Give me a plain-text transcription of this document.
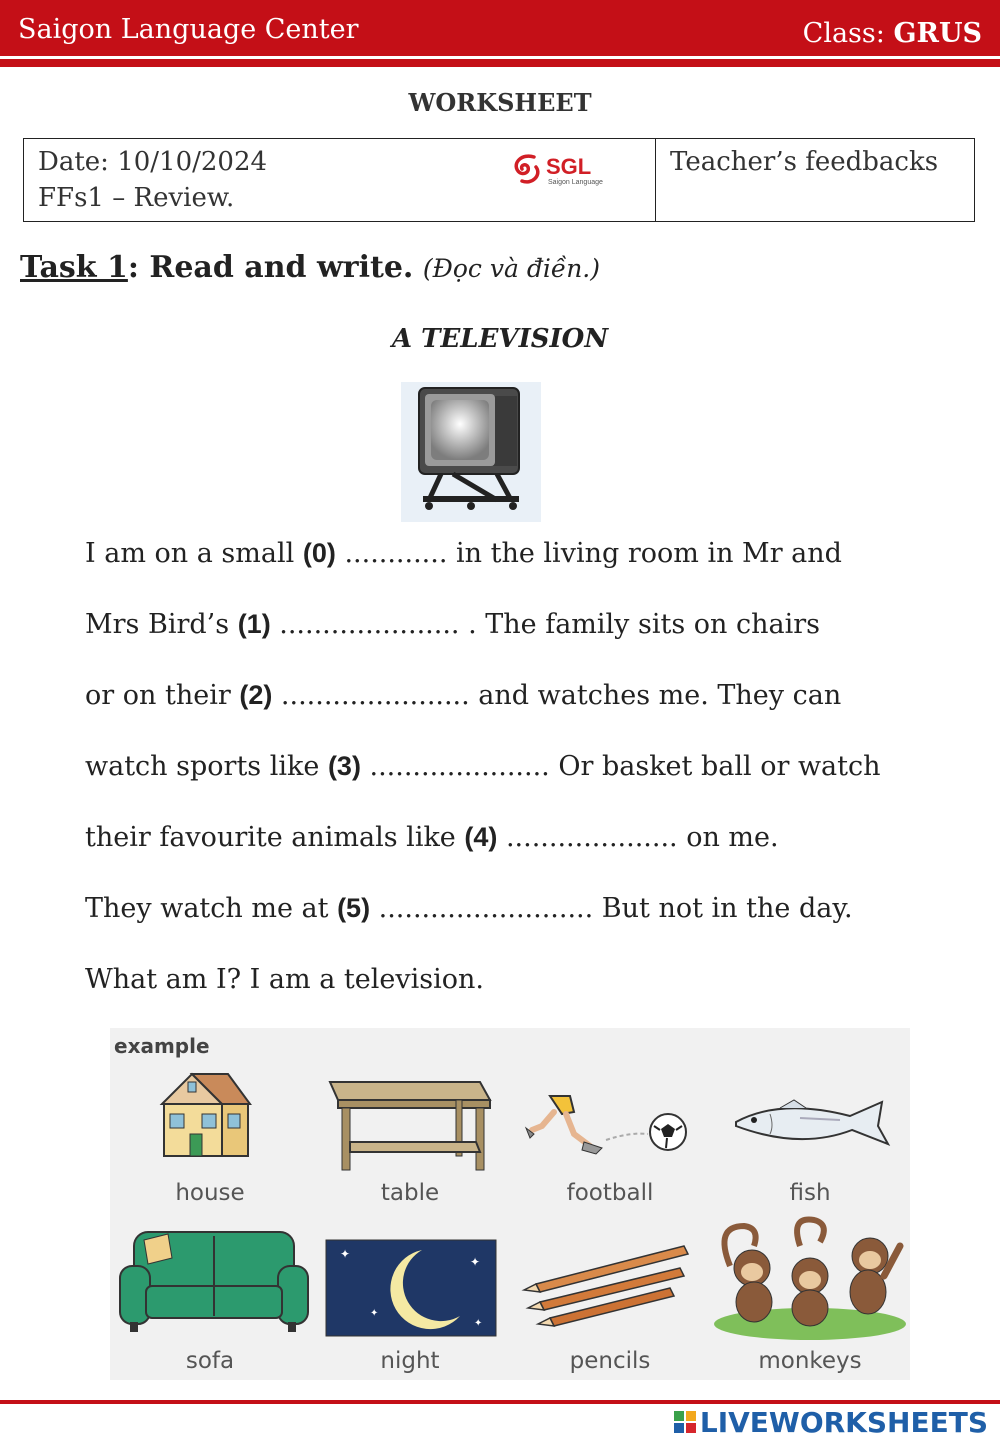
Saigon Language Center	Class: GRUS
WORKSHEET
Date: 10/10/2024
FFs1 – Review.
SGL
Saigon Language
Teacher’s feedbacks
Task 1: Read and write. (Đọc và điền.)
A TELEVISION
I am on a small (0) ............ in the living room in Mr and
Mrs Bird’s (1) ..................... . The family sits on chairs
or on their (2) ...................... and watches me. They can
watch sports like (3) ..................... Or basket ball or watch
their favourite animals like (4) .................... on me.
They watch me at (5) ......................... But not in the day.
What am I? I am a television.
example
house	table	football	fish
sofa
✦
✦
✦
✦
night	pencils	monkeys
LIVEWORKSHEETS
